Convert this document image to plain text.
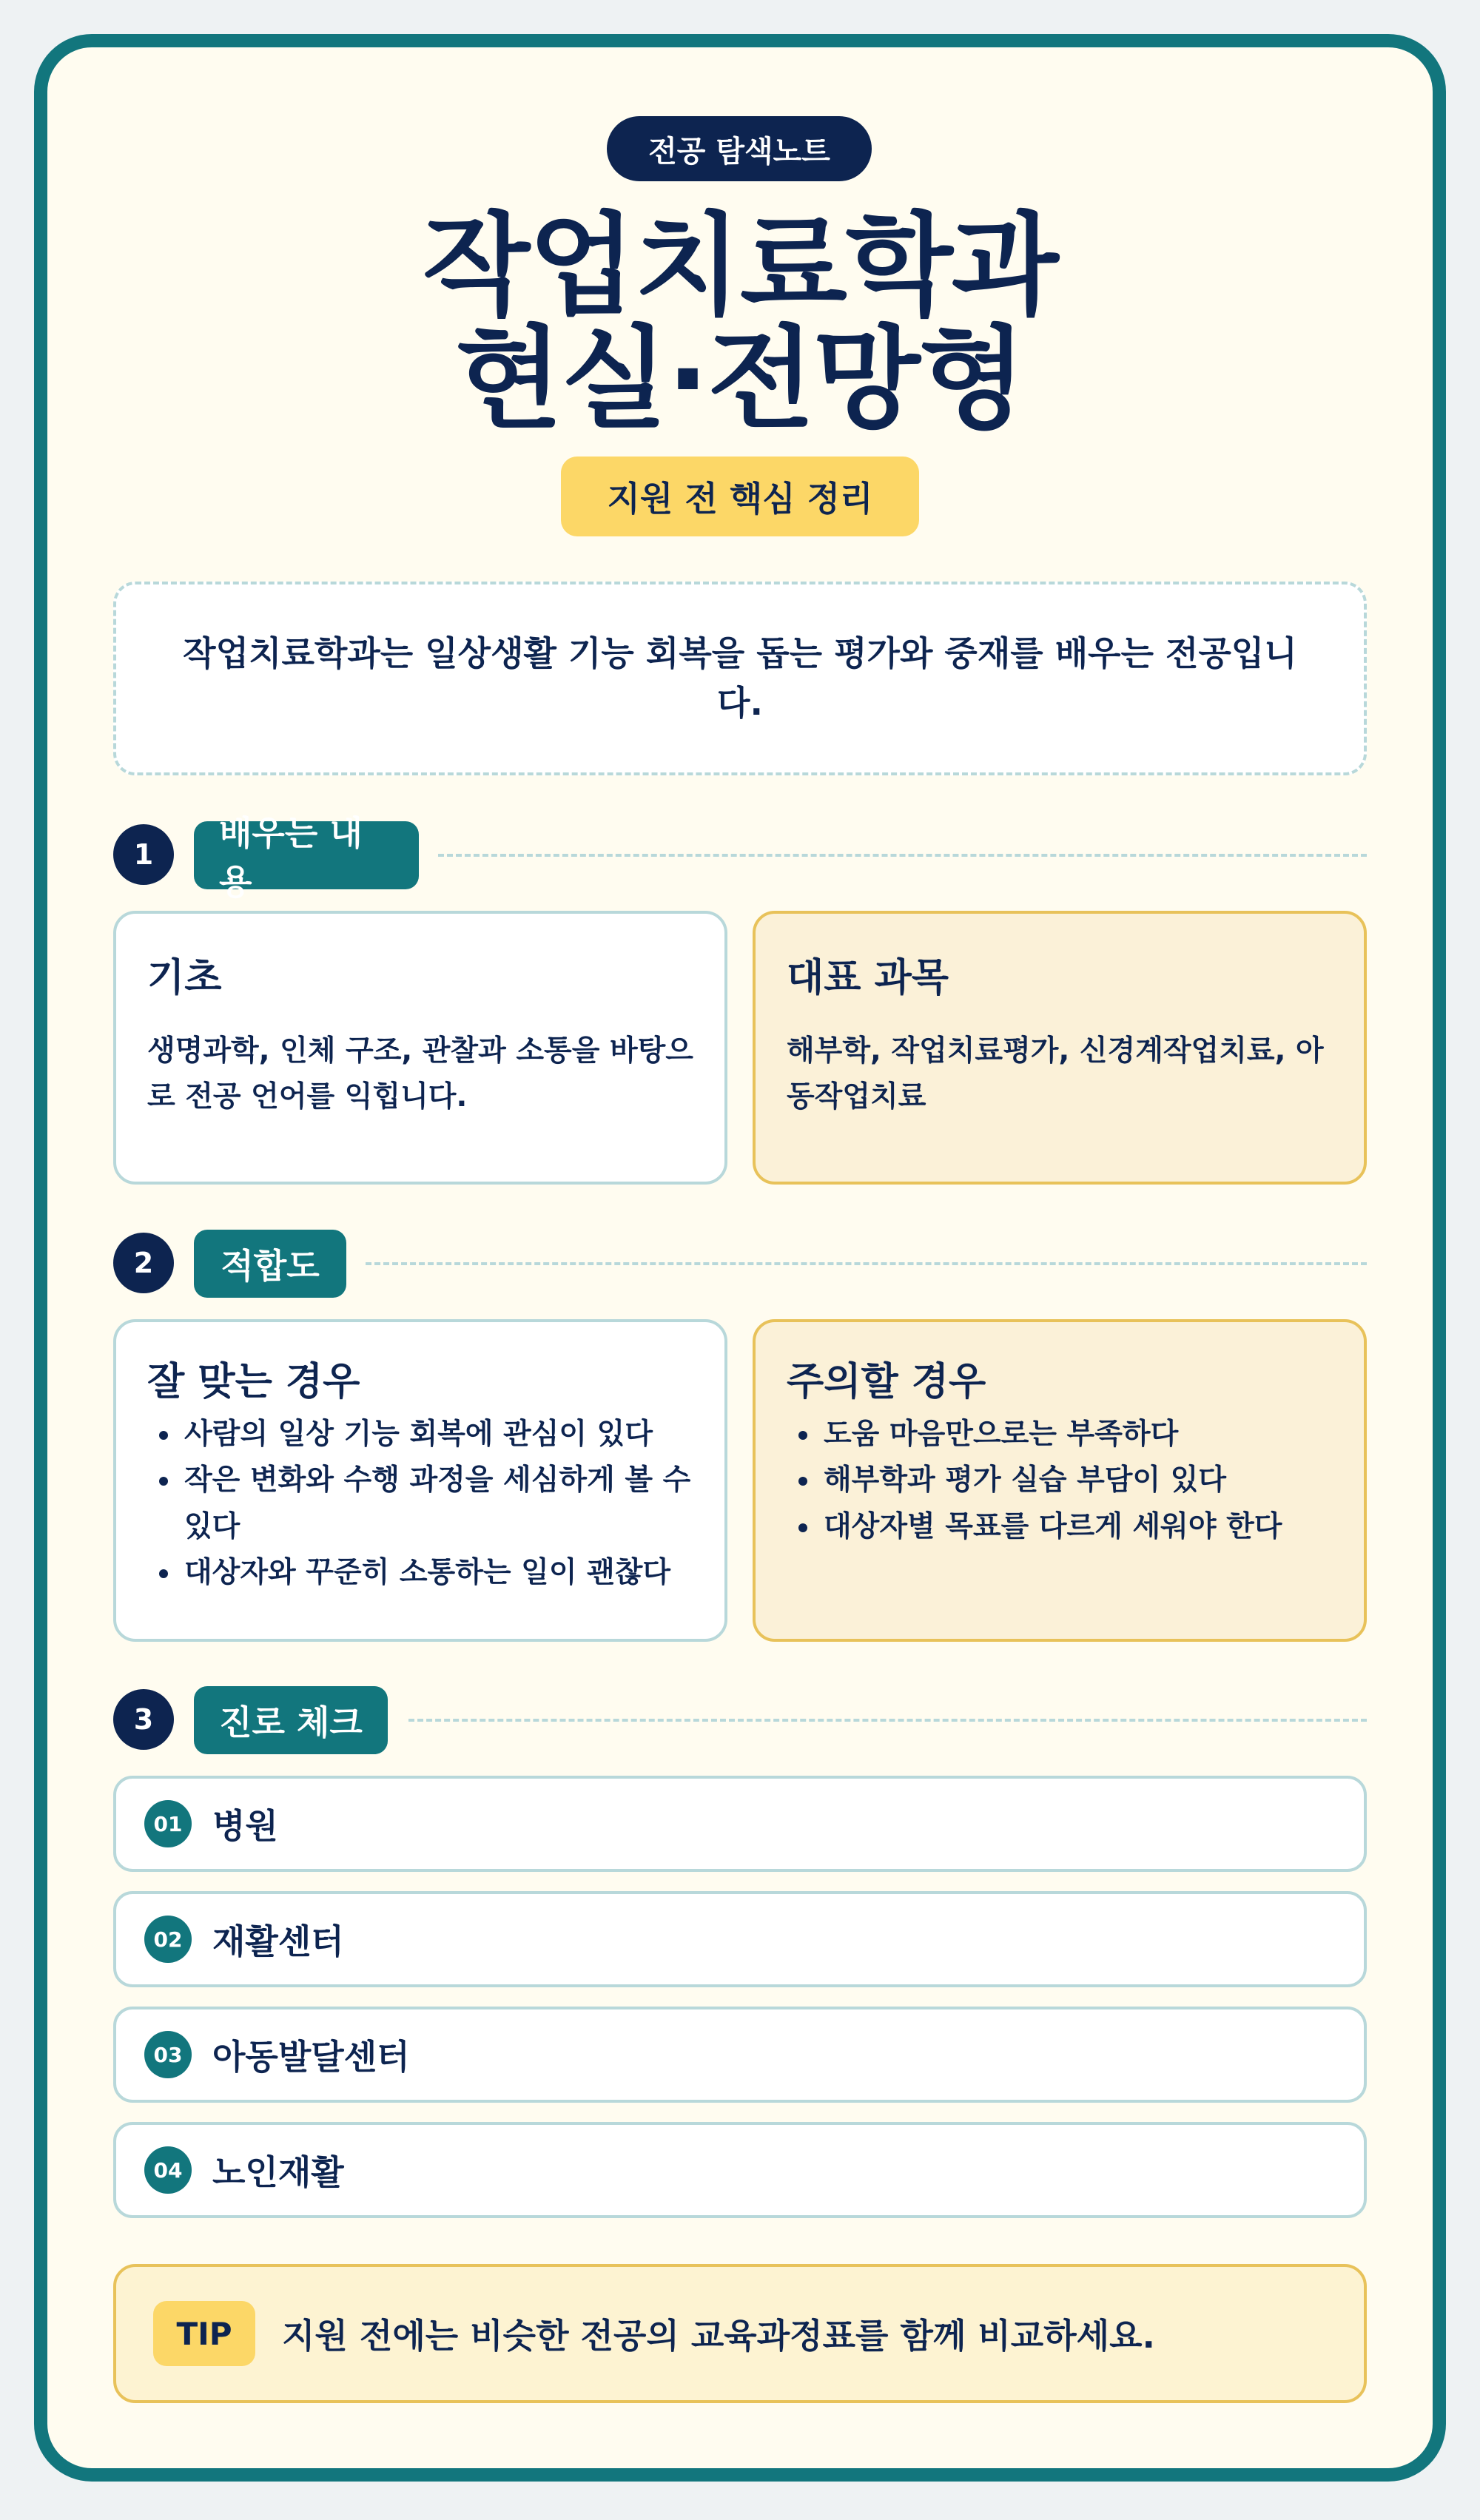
전공 탐색노트
작업치료학과
현실·전망형
지원 전 핵심 정리
작업치료학과는 일상생활 기능 회복을 돕는 평가와 중재를 배우는 전공입니다.
1
배우는 내용
기초
생명과학, 인체 구조, 관찰과 소통을 바탕으로 전공 언어를 익힙니다.
대표 과목
해부학, 작업치료평가, 신경계작업치료, 아동작업치료
2	적합도
잘 맞는 경우
• 사람의 일상 기능 회복에 관심이 있다
• 작은 변화와 수행 과정을 세심하게 볼 수 있다
• 대상자와 꾸준히 소통하는 일이 괜찮다
주의할 경우
• 도움 마음만으로는 부족하다
• 해부학과 평가 실습 부담이 있다
• 대상자별 목표를 다르게 세워야 한다
3	진로 체크
01 병원
02 재활센터
03 아동발달센터
04 노인재활
TIP	지원 전에는 비슷한 전공의 교육과정표를 함께 비교하세요.
